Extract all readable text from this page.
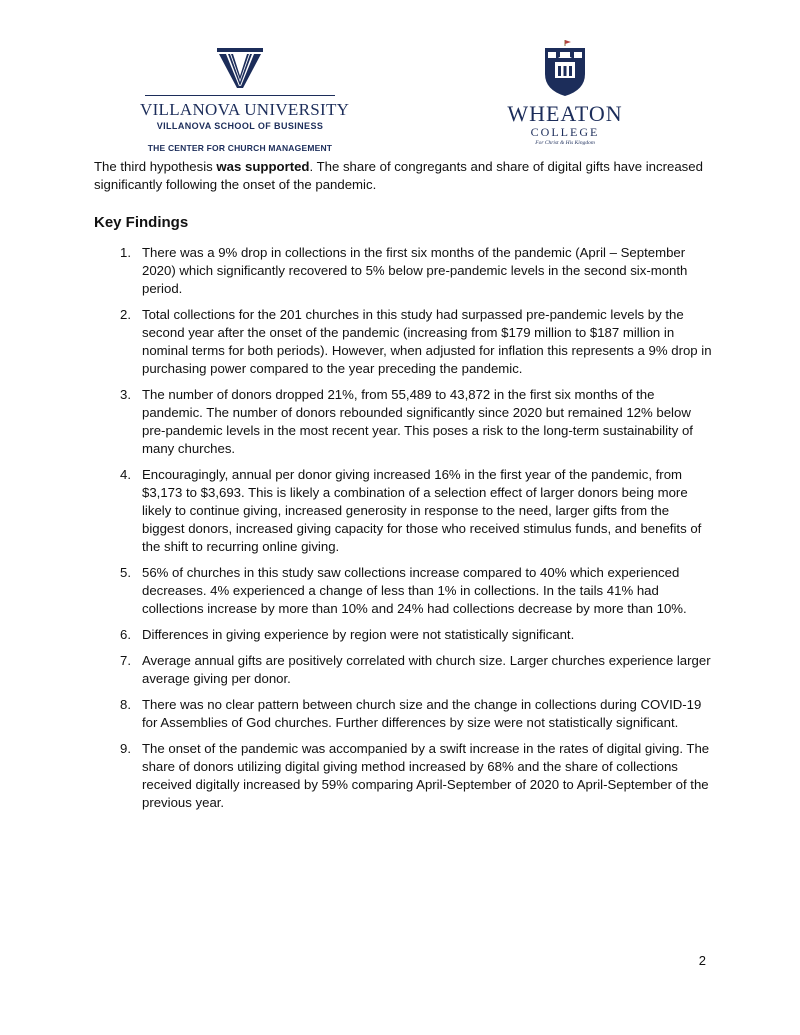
VILLANOVA UNIVERSITY
VILLANOVA SCHOOL OF BUSINESS
THE CENTER FOR CHURCH MANAGEMENT
WHEATON
COLLEGE
For Christ & His Kingdom

The third hypothesis was supported. The share of congregants and share of digital gifts have increased significantly following the onset of the pandemic.

Key Findings
1. There was a 9% drop in collections in the first six months of the pandemic (April – September 2020) which significantly recovered to 5% below pre-pandemic levels in the second six-month period.
2. Total collections for the 201 churches in this study had surpassed pre-pandemic levels by the second year after the onset of the pandemic (increasing from $179 million to $187 million in nominal terms for both periods). However, when adjusted for inflation this represents a 9% drop in purchasing power compared to the year preceding the pandemic.
3. The number of donors dropped 21%, from 55,489 to 43,872 in the first six months of the pandemic. The number of donors rebounded significantly since 2020 but remained 12% below pre-pandemic levels in the most recent year. This poses a risk to the long-term sustainability of many churches.
4. Encouragingly, annual per donor giving increased 16% in the first year of the pandemic, from $3,173 to $3,693. This is likely a combination of a selection effect of larger donors being more likely to continue giving, increased generosity in response to the need, larger gifts from the biggest donors, increased giving capacity for those who received stimulus funds, and benefits of the shift to recurring online giving.
5. 56% of churches in this study saw collections increase compared to 40% which experienced decreases. 4% experienced a change of less than 1% in collections. In the tails 41% had collections increase by more than 10% and 24% had collections decrease by more than 10%.
6. Differences in giving experience by region were not statistically significant.
7. Average annual gifts are positively correlated with church size. Larger churches experience larger average giving per donor.
8. There was no clear pattern between church size and the change in collections during COVID-19 for Assemblies of God churches. Further differences by size were not statistically significant.
9. The onset of the pandemic was accompanied by a swift increase in the rates of digital giving. The share of donors utilizing digital giving method increased by 68% and the share of collections received digitally increased by 59% comparing April-September of 2020 to April-September of the previous year.
2
